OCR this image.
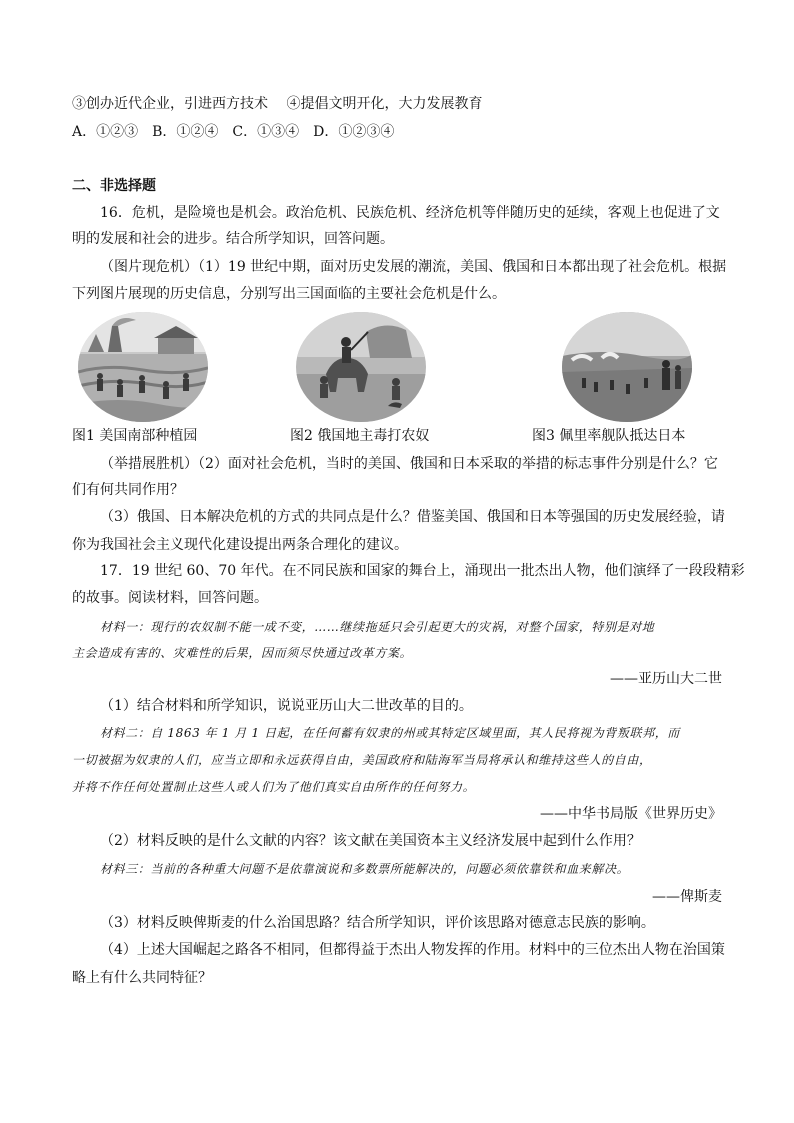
③创办近代企业，引进西方技术　 ④提倡文明开化，大力发展教育
A．①②③　B．①②④　C．①③④　D．①②③④
二、非选择题
16．危机，是险境也是机会。政治危机、民族危机、经济危机等伴随历史的延续，客观上也促进了文
明的发展和社会的进步。结合所学知识，回答问题。
（图片现危机）（1）19 世纪中期，面对历史发展的潮流，美国、俄国和日本都出现了社会危机。根据
下列图片展现的历史信息，分别写出三国面临的主要社会危机是什么。
图1 美国南部种植园	图2 俄国地主毒打农奴	图3 佩里率舰队抵达日本
（举措展胜机）（2）面对社会危机，当时的美国、俄国和日本采取的举措的标志事件分别是什么？它
们有何共同作用？
（3）俄国、日本解决危机的方式的共同点是什么？借鉴美国、俄国和日本等强国的历史发展经验，请
你为我国社会主义现代化建设提出两条合理化的建议。
17．19 世纪 60、70 年代。在不同民族和国家的舞台上，涌现出一批杰出人物，他们演绎了一段段精彩
的故事。阅读材料，回答问题。
材料一：现行的农奴制不能一成不变，……继续拖延只会引起更大的灾祸，对整个国家，特别是对地
主会造成有害的、灾难性的后果，因而须尽快通过改革方案。
——亚历山大二世
（1）结合材料和所学知识，说说亚历山大二世改革的目的。
材料二：自 1863 年 1 月 1 日起，在任何蓄有奴隶的州或其特定区域里面，其人民将视为背叛联邦，而
一切被据为奴隶的人们，应当立即和永远获得自由，美国政府和陆海军当局将承认和维持这些人的自由，
并将不作任何处置制止这些人或人们为了他们真实自由所作的任何努力。
——中华书局版《世界历史》
（2）材料反映的是什么文献的内容？该文献在美国资本主义经济发展中起到什么作用？
材料三：当前的各种重大问题不是依靠演说和多数票所能解决的，问题必须依靠铁和血来解决。
——俾斯麦
（3）材料反映俾斯麦的什么治国思路？结合所学知识，评价该思路对德意志民族的影响。
（4）上述大国崛起之路各不相同，但都得益于杰出人物发挥的作用。材料中的三位杰出人物在治国策
略上有什么共同特征？
